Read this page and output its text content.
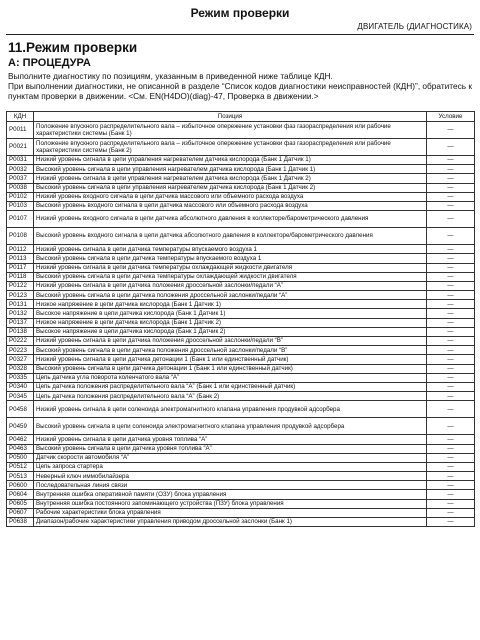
Режим проверки
ДВИГАТЕЛЬ (ДИАГНОСТИКА)
11.Режим проверки
A: ПРОЦЕДУРА

Выполните диагностику по позициям, указанным в приведенной ниже таблице КДН.

При выполнении диагностики, не описанной в разделе “Список кодов диагностики неисправностей (КДН)”, обратитесь к пунктам проверки в движении. <См. EN(H4DO)(diag)-47, Проверка в движении.>

КДН	Позиция	Условие
P0011	Положение впускного распределительного вала – избыточное опережение установки фаз газораспределения или рабочие характеристики системы (Банк 1)	—
P0021	Положение впускного распределительного вала – избыточное опережение установки фаз газораспределения или рабочие характеристики системы (Банк 2)	—
P0031	Низкий уровень сигнала в цепи управления нагревателем датчика кислорода (Банк 1 Датчик 1)	—
P0032	Высокий уровень сигнала в цепи управления нагревателем датчика кислорода (Банк 1 Датчик 1)	—
P0037	Низкий уровень сигнала в цепи управления нагревателем датчика кислорода (Банк 1 Датчик 2)	—
P0038	Высокий уровень сигнала в цепи управления нагревателем датчика кислорода (Банк 1 Датчик 2)	—
P0102	Низкий уровень входного сигнала в цепи датчика массового или объемного расхода воздуха	—
P0103	Высокий уровень входного сигнала в цепи датчика массового или объемного расхода воздуха	—
P0107	Низкий уровень входного сигнала в цепи датчика абсолютного давления в коллекторе/барометрического давления	—
P0108	Высокий уровень входного сигнала в цепи датчика абсолютного давления в коллекторе/барометрического давления	—
P0112	Низкий уровень сигнала в цепи датчика температуры впускаемого воздуха 1	—
P0113	Высокий уровень сигнала в цепи датчика температуры впускаемого воздуха 1	—
P0117	Низкий уровень сигнала в цепи датчика температуры охлаждающей жидкости двигателя	—
P0118	Высокий уровень сигнала в цепи датчика температуры охлаждающей жидкости двигателя	—
P0122	Низкий уровень сигнала в цепи датчика положения дроссельной заслонки/педали “A”	—
P0123	Высокий уровень сигнала в цепи датчика положения дроссельной заслонки/педали “A”	—
P0131	Низкое напряжение в цепи датчика кислорода (Банк 1 Датчик 1)	—
P0132	Высокое напряжение в цепи датчика кислорода (Банк 1 Датчик 1)	—
P0137	Низкое напряжение в цепи датчика кислорода (Банк 1 Датчик 2)	—
P0138	Высокое напряжение в цепи датчика кислорода (Банк 1 Датчик 2)	—
P0222	Низкий уровень сигнала в цепи датчика положения дроссельной заслонки/педали “B”	—
P0223	Высокий уровень сигнала в цепи датчика положения дроссельной заслонки/педали “B”	—
P0327	Низкий уровень сигнала в цепи датчика детонации 1 (Банк 1 или единственный датчик)	—
P0328	Высокий уровень сигнала в цепи датчика детонации 1 (Банк 1 или единственный датчик)	—
P0335	Цепь датчика угла поворота коленчатого вала “A”	—
P0340	Цепь датчика положения распределительного вала “A” (Банк 1 или единственный датчик)	—
P0345	Цепь датчика положения распределительного вала “A” (Банк 2)	—
P0458	Низкий уровень сигнала в цепи соленоида электромагнитного клапана управления продувкой адсорбера	—
P0459	Высокий уровень сигнала в цепи соленоида электромагнитного клапана управления продувкой адсорбера	—
P0462	Низкий уровень сигнала в цепи датчика уровня топлива “A”	—
P0463	Высокий уровень сигнала в цепи датчика уровня топлива “A”	—
P0500	Датчик скорости автомобиля “A”	—
P0512	Цепь запроса стартера	—
P0513	Неверный ключ иммобилайзера	—
P0600	Последовательная линия связи	—
P0604	Внутренняя ошибка оперативной памяти (ОЗУ) блока управления	—
P0605	Внутренняя ошибка постоянного запоминающего устройства (ПЗУ) блока управления	—
P0607	Рабочие характеристики блока управления	—
P0638	Диапазон/рабочие характеристики управления приводом дроссельной заслонки (Банк 1)	—
